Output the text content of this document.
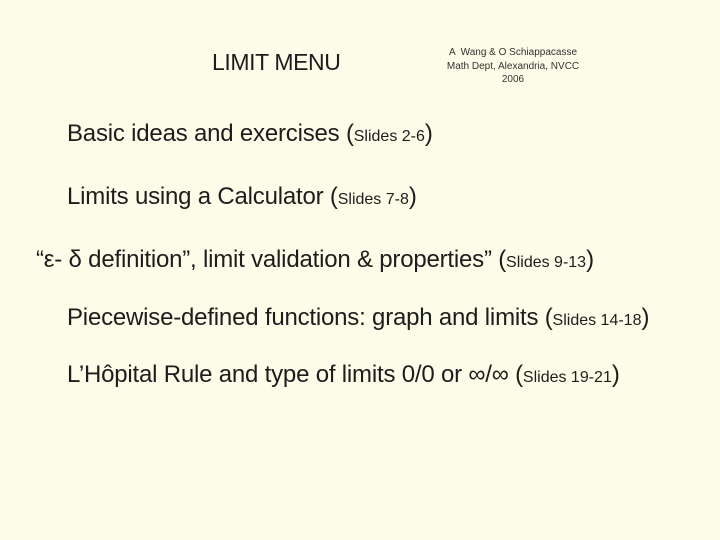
LIMIT MENU	A  Wang & O Schiappacasse
Math Dept, Alexandria, NVCC
2006
Basic ideas and exercises (Slides 2-6)
Limits using a Calculator (Slides 7-8)
“ε- δ definition”, limit validation & properties” (Slides 9-13)
Piecewise-defined functions: graph and limits (Slides 14-18)
L’Hôpital Rule and type of limits 0/0 or ∞/∞ (Slides 19-21)
